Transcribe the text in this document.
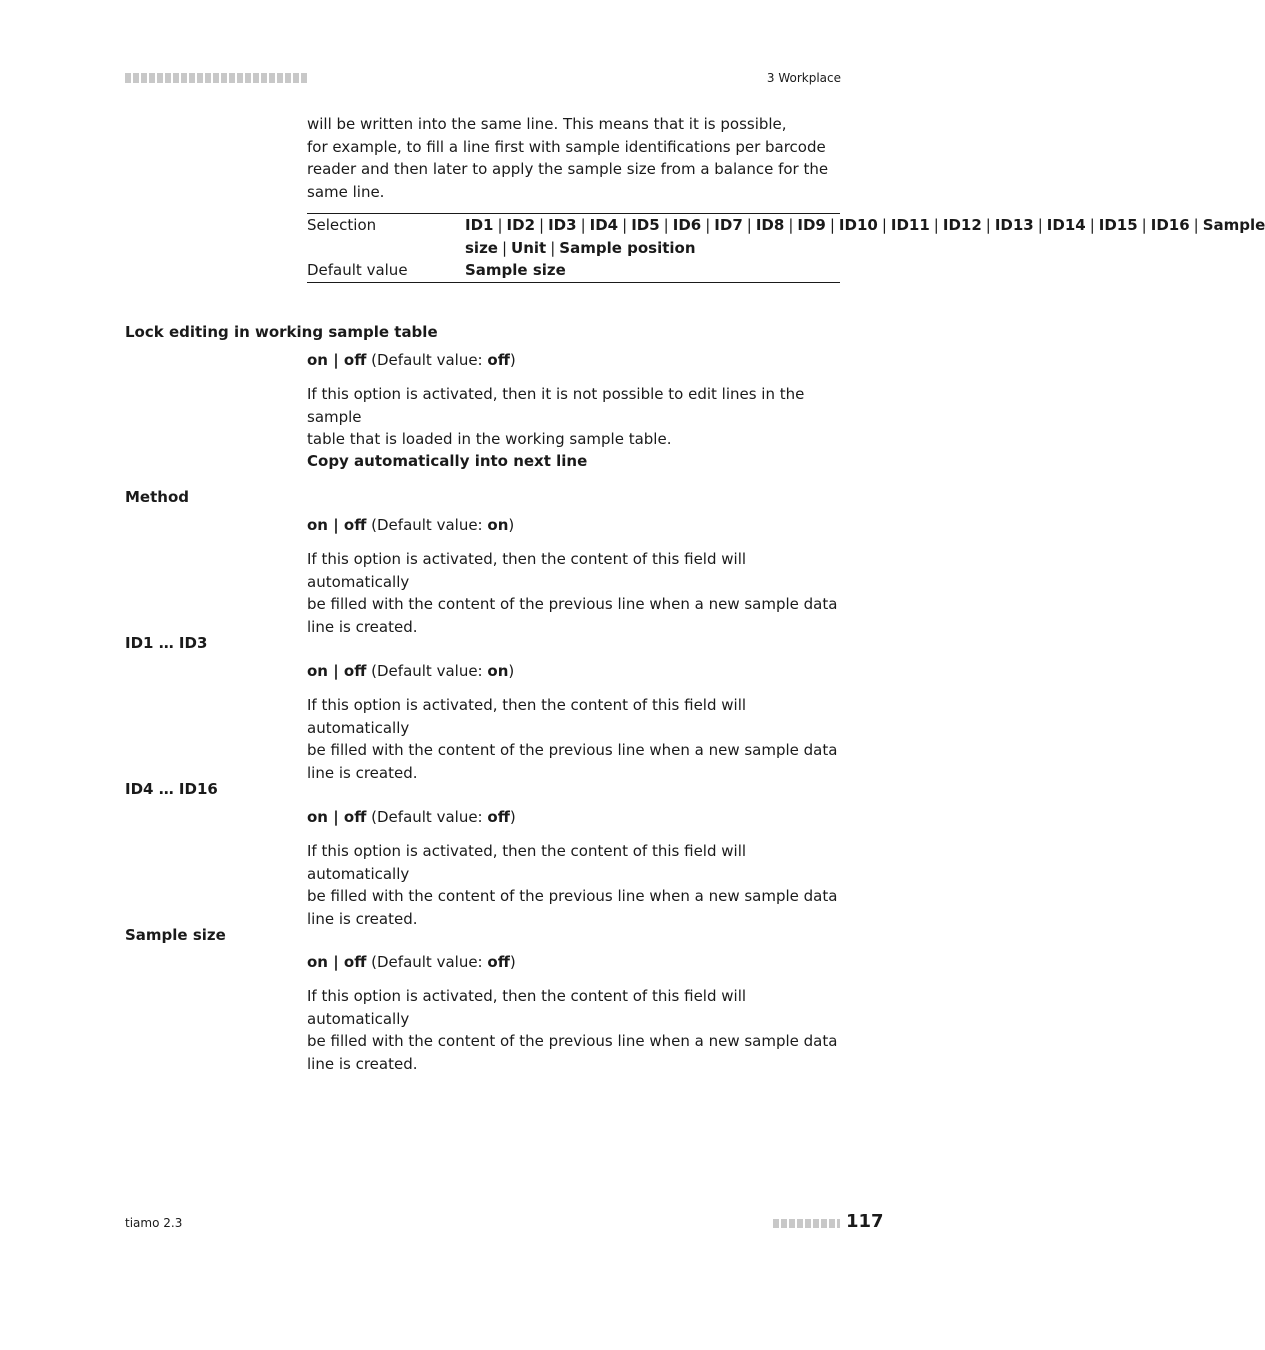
3 Workplace
will be written into the same line. This means that it is possible,
for example, to fill a line first with sample identifications per barcode
reader and then later to apply the sample size from a balance for the
same line.
Selection	ID1 | ID2 | ID3 | ID4 | ID5 | ID6 | ID7 | ID8 | ID9 | ID10 | ID11 | ID12 | ID13 | ID14 | ID15 | ID16 | Sample size | Unit | Sample position
Default value	Sample size
Lock editing in working sample table
on | off (Default value: off)
If this option is activated, then it is not possible to edit lines in the sample
table that is loaded in the working sample table.
Copy automatically into next line
Method
on | off (Default value: on)
If this option is activated, then the content of this field will automatically
be filled with the content of the previous line when a new sample data
line is created.
ID1 … ID3
on | off (Default value: on)
If this option is activated, then the content of this field will automatically
be filled with the content of the previous line when a new sample data
line is created.
ID4 … ID16
on | off (Default value: off)
If this option is activated, then the content of this field will automatically
be filled with the content of the previous line when a new sample data
line is created.
Sample size
on | off (Default value: off)
If this option is activated, then the content of this field will automatically
be filled with the content of the previous line when a new sample data
line is created.
tiamo 2.3	117
